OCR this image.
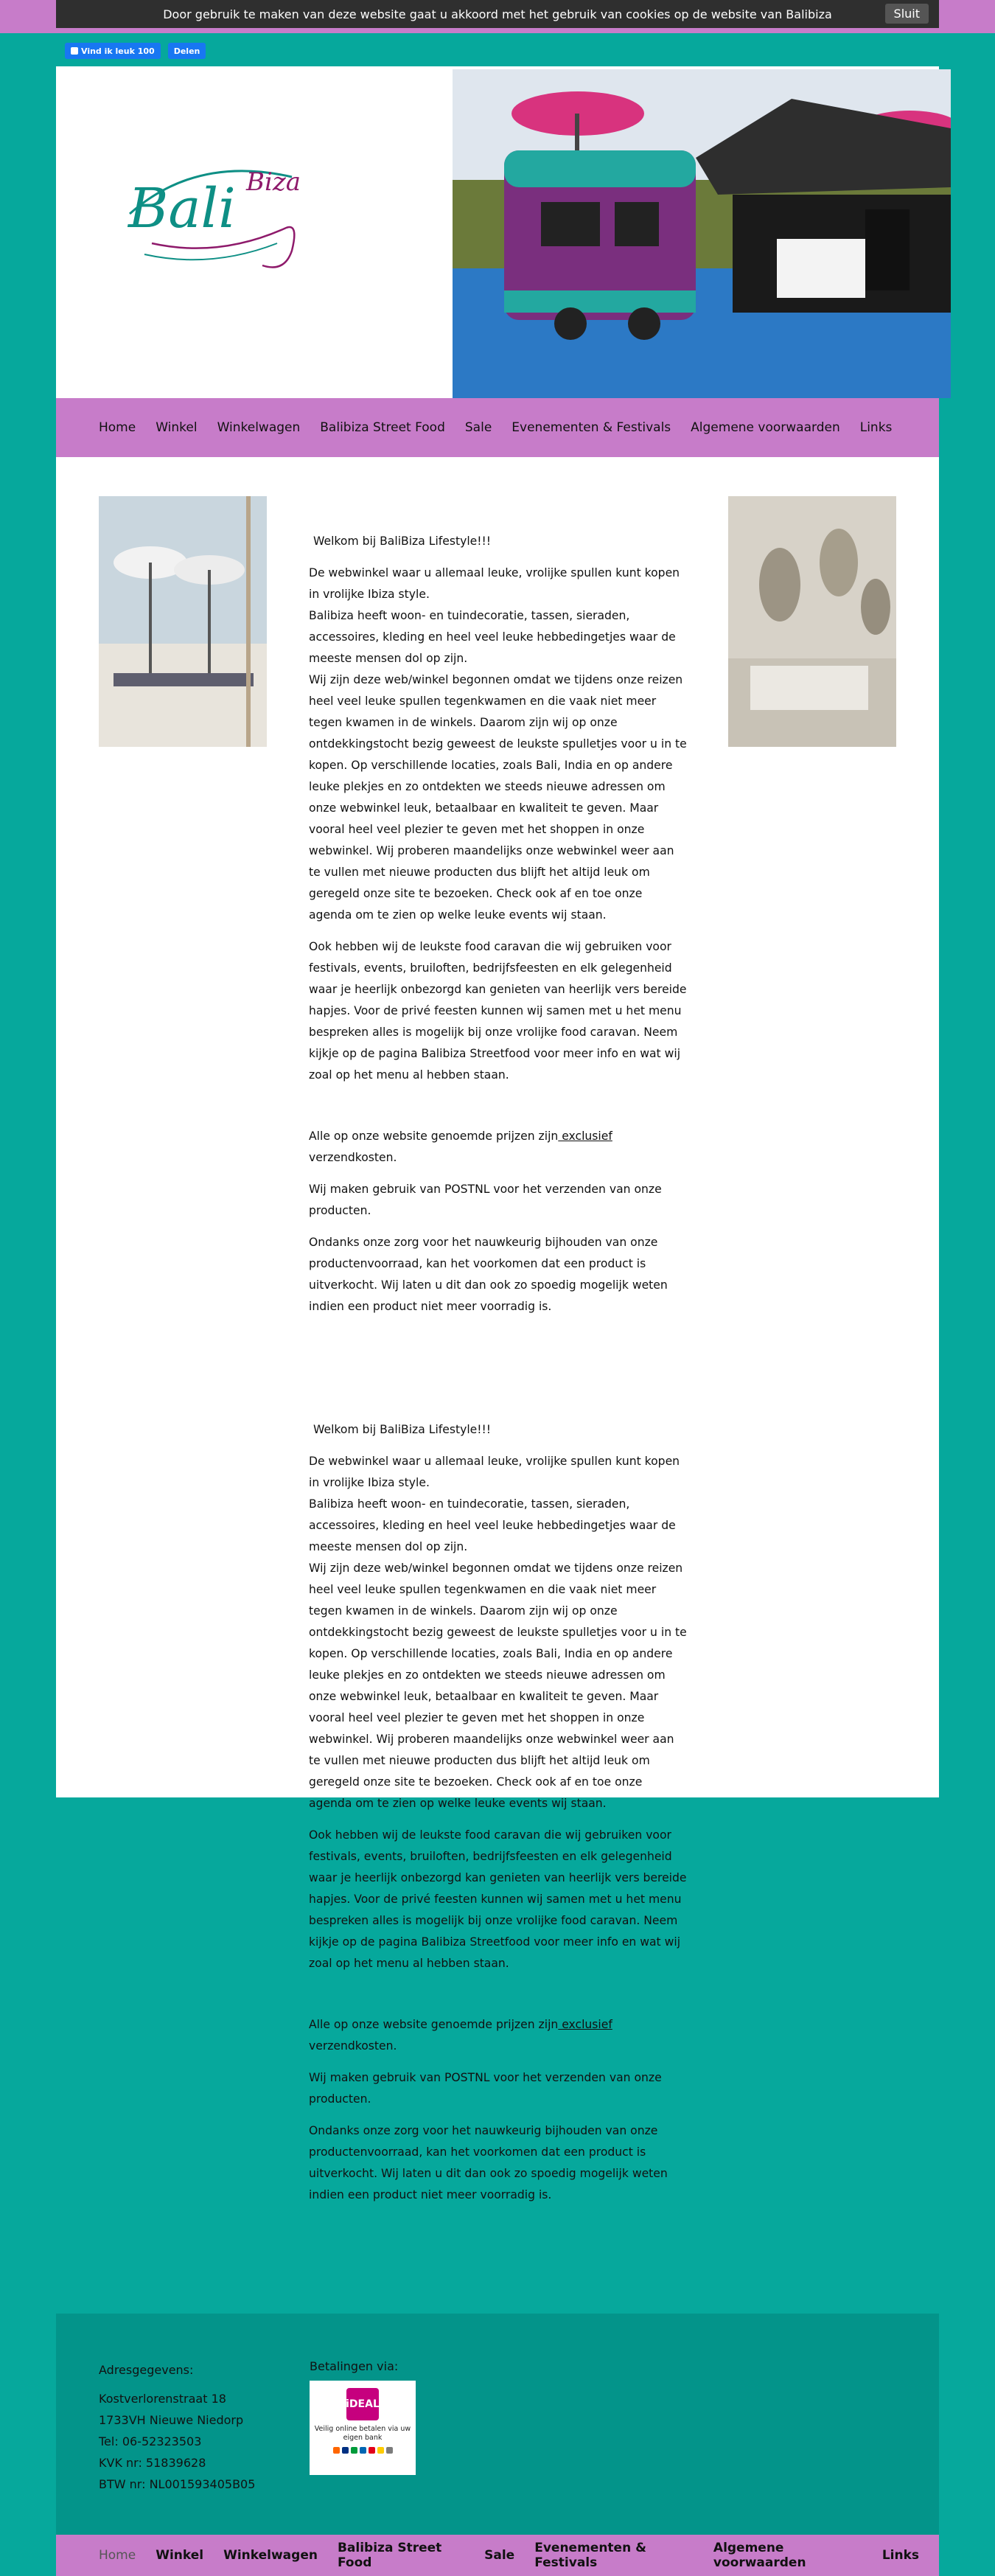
Door gebruik te maken van deze website gaat u akkoord met het gebruik van cookies op de website van Balibiza	Sluit
Vind ik leuk 100 Delen
Bali Biza
Home Winkel Winkelwagen Balibiza Street Food Sale Evenementen & Festivals Algemene voorwaarden Links

Welkom bij BaliBiza Lifestyle!!!

De webwinkel waar u allemaal leuke, vrolijke spullen kunt kopen in vrolijke Ibiza style.
Balibiza heeft woon- en tuindecoratie, tassen, sieraden, accessoires, kleding en heel veel leuke hebbedingetjes waar de meeste mensen dol op zijn.
Wij zijn deze web/winkel begonnen omdat we tijdens onze reizen heel veel leuke spullen tegenkwamen en die vaak niet meer tegen kwamen in de winkels. Daarom zijn wij op onze ontdekkingstocht bezig geweest de leukste spulletjes voor u in te kopen. Op verschillende locaties, zoals Bali, India en op andere leuke plekjes en zo ontdekten we steeds nieuwe adressen om onze webwinkel leuk, betaalbaar en kwaliteit te geven. Maar vooral heel veel plezier te geven met het shoppen in onze webwinkel. Wij proberen maandelijks onze webwinkel weer aan te vullen met nieuwe producten dus blijft het altijd leuk om geregeld onze site te bezoeken. Check ook af en toe onze agenda om te zien op welke leuke events wij staan.

Ook hebben wij de leukste food caravan die wij gebruiken voor festivals, events, bruiloften, bedrijfsfeesten en elk gelegenheid waar je heerlijk onbezorgd kan genieten van heerlijk vers bereide hapjes. Voor de privé feesten kunnen wij samen met u het menu bespreken alles is mogelijk bij onze vrolijke food caravan. Neem kijkje op de pagina Balibiza Streetfood voor meer info en wat wij zoal op het menu al hebben staan.

Alle op onze website genoemde prijzen zijn exclusief verzendkosten.

Wij maken gebruik van POSTNL voor het verzenden van onze producten.

Ondanks onze zorg voor het nauwkeurig bijhouden van onze productenvoorraad, kan het voorkomen dat een product is uitverkocht. Wij laten u dit dan ook zo spoedig mogelijk weten indien een product niet meer voorradig is.

Welkom bij BaliBiza Lifestyle!!!

De webwinkel waar u allemaal leuke, vrolijke spullen kunt kopen in vrolijke Ibiza style.
Balibiza heeft woon- en tuindecoratie, tassen, sieraden, accessoires, kleding en heel veel leuke hebbedingetjes waar de meeste mensen dol op zijn.
Wij zijn deze web/winkel begonnen omdat we tijdens onze reizen heel veel leuke spullen tegenkwamen en die vaak niet meer tegen kwamen in de winkels. Daarom zijn wij op onze ontdekkingstocht bezig geweest de leukste spulletjes voor u in te kopen. Op verschillende locaties, zoals Bali, India en op andere leuke plekjes en zo ontdekten we steeds nieuwe adressen om onze webwinkel leuk, betaalbaar en kwaliteit te geven. Maar vooral heel veel plezier te geven met het shoppen in onze webwinkel. Wij proberen maandelijks onze webwinkel weer aan te vullen met nieuwe producten dus blijft het altijd leuk om geregeld onze site te bezoeken. Check ook af en toe onze agenda om te zien op welke leuke events wij staan.

Ook hebben wij de leukste food caravan die wij gebruiken voor festivals, events, bruiloften, bedrijfsfeesten en elk gelegenheid waar je heerlijk onbezorgd kan genieten van heerlijk vers bereide hapjes. Voor de privé feesten kunnen wij samen met u het menu bespreken alles is mogelijk bij onze vrolijke food caravan. Neem kijkje op de pagina Balibiza Streetfood voor meer info en wat wij zoal op het menu al hebben staan.

Alle op onze website genoemde prijzen zijn exclusief verzendkosten.

Wij maken gebruik van POSTNL voor het verzenden van onze producten.

Ondanks onze zorg voor het nauwkeurig bijhouden van onze productenvoorraad, kan het voorkomen dat een product is uitverkocht. Wij laten u dit dan ook zo spoedig mogelijk weten indien een product niet meer voorradig is.

Adresgegevens:
Kostverlorenstraat 18
1733VH Nieuwe Niedorp
Tel: 06-52323503
KVK nr: 51839628
BTW nr: NL001593405B05
Betalingen via:
iDEAL
Veilig online betalen via uw eigen bank
Home Winkel Winkelwagen Balibiza Street Food	Sale Evenementen & Festivals
Algemene voorwaarden	Links
